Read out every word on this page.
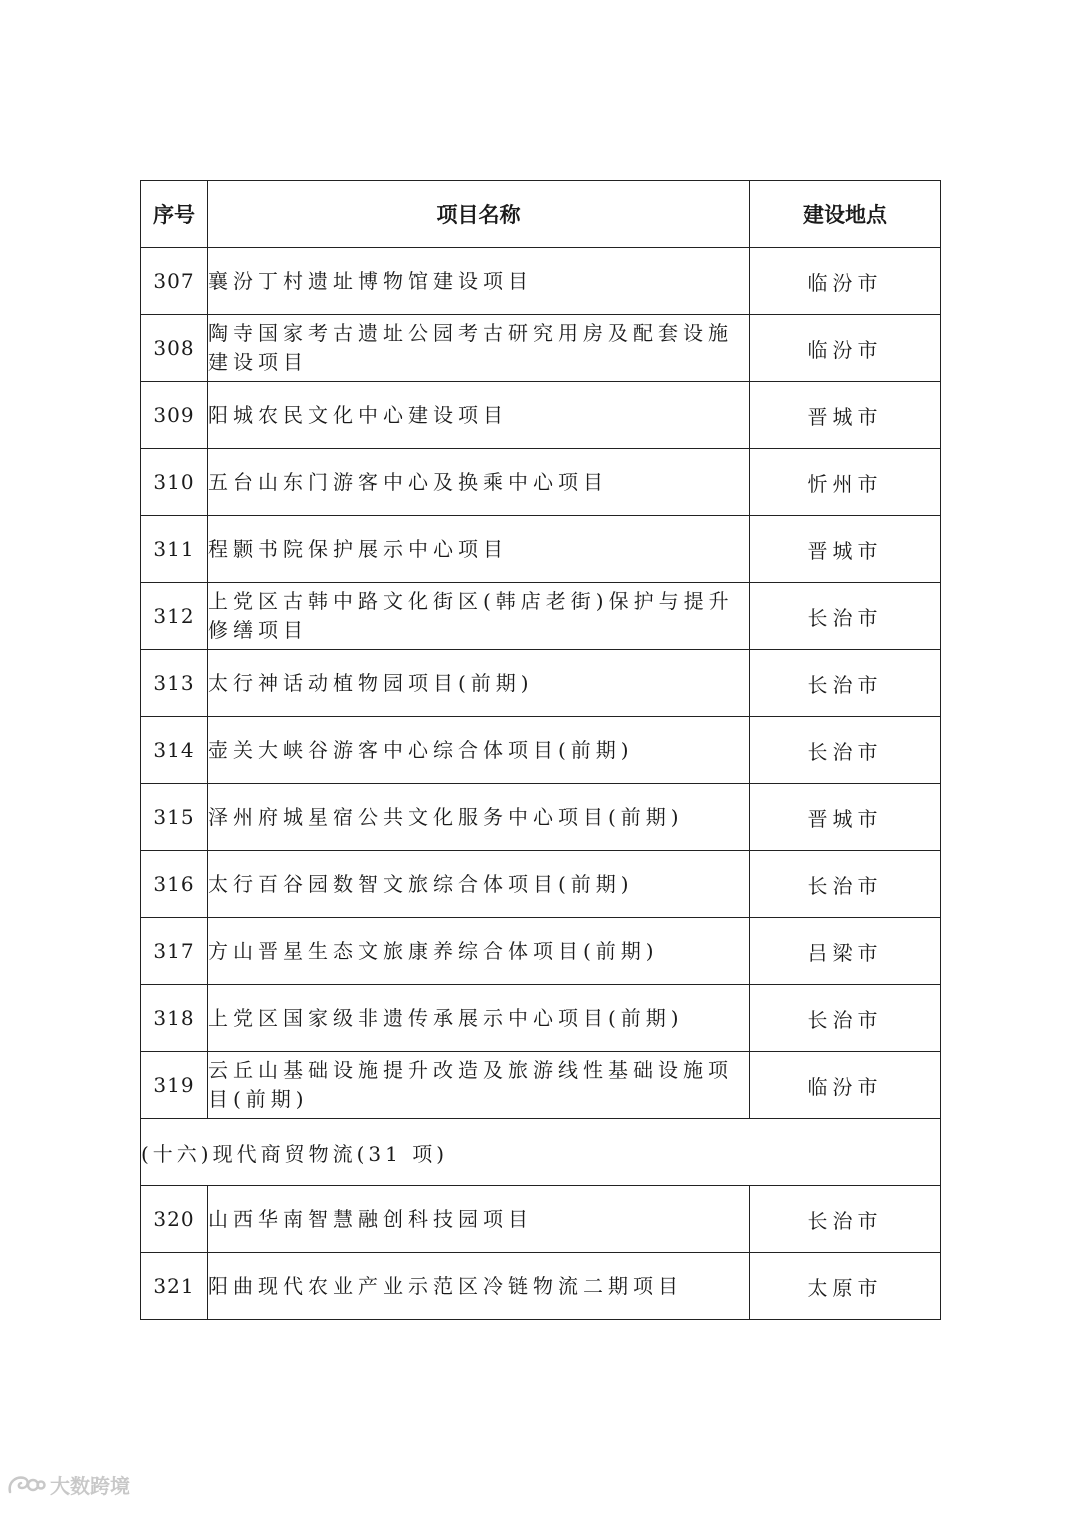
序号	项目名称	建设地点
307	襄汾丁村遗址博物馆建设项目	临汾市
308	陶寺国家考古遗址公园考古研究用房及配套设施建设项目	临汾市
309	阳城农民文化中心建设项目	晋城市
310	五台山东门游客中心及换乘中心项目	忻州市
311	程颢书院保护展示中心项目	晋城市
312	上党区古韩中路文化街区(韩店老街)保护与提升修缮项目	长治市
313	太行神话动植物园项目(前期)	长治市
314	壶关大峡谷游客中心综合体项目(前期)	长治市
315	泽州府城星宿公共文化服务中心项目(前期)	晋城市
316	太行百谷园数智文旅综合体项目(前期)	长治市
317	方山晋星生态文旅康养综合体项目(前期)	吕梁市
318	上党区国家级非遗传承展示中心项目(前期)	长治市
319	云丘山基础设施提升改造及旅游线性基础设施项目(前期)	临汾市
(十六)现代商贸物流(31 项)		
320	山西华南智慧融创科技园项目	长治市
321	阳曲现代农业产业示范区冷链物流二期项目	太原市
大数跨境
